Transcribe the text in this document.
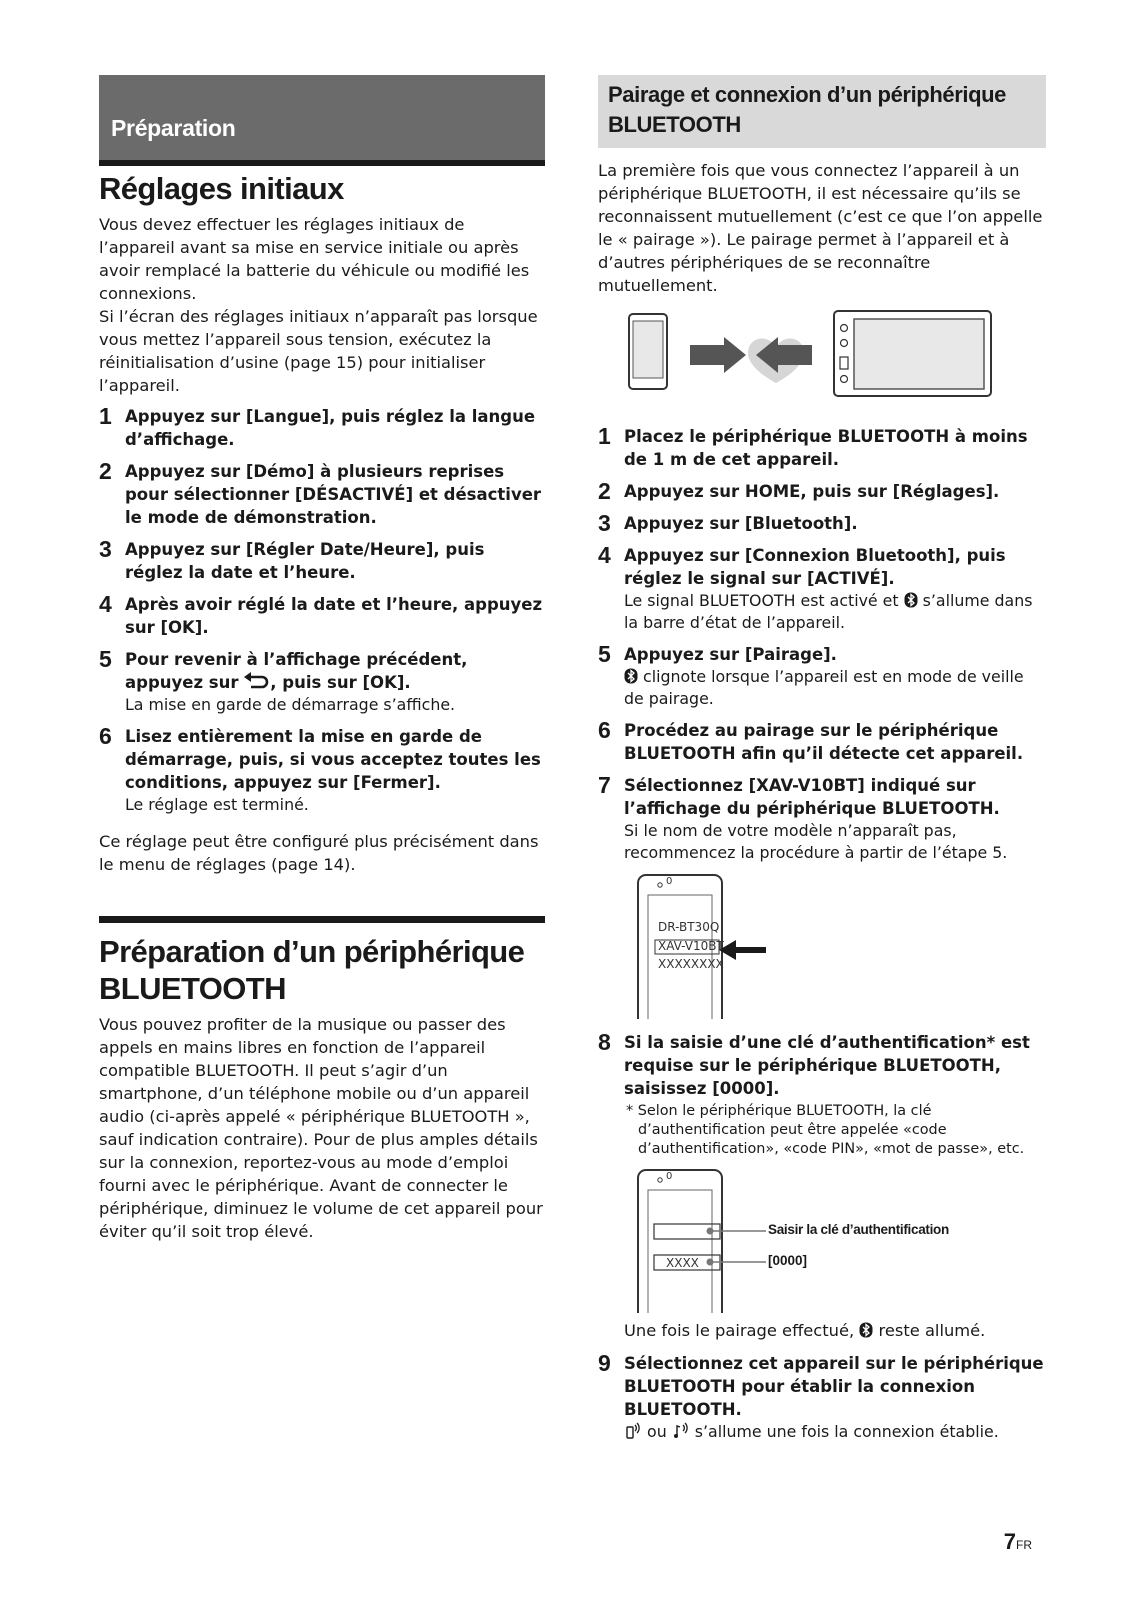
Préparation
Réglages initiaux

Vous devez effectuer les réglages initiaux de l’appareil avant sa mise en service initiale ou après avoir remplacé la batterie du véhicule ou modifié les connexions.

Si l’écran des réglages initiaux n’apparaît pas lorsque vous mettez l’appareil sous tension, exécutez la réinitialisation d’usine (page 15) pour initialiser l’appareil.

1 Appuyez sur [Langue], puis réglez la langue d’affichage.
2 Appuyez sur [Démo] à plusieurs reprises pour sélectionner [DÉSACTIVÉ] et désactiver le mode de démonstration.
3 Appuyez sur [Régler Date/Heure], puis réglez la date et l’heure.
4 Après avoir réglé la date et l’heure, appuyez sur [OK].
5 Pour revenir à l’affichage précédent, appuyez sur , puis sur [OK].
La mise en garde de démarrage s’affiche.
6 Lisez entièrement la mise en garde de démarrage, puis, si vous acceptez toutes les conditions, appuyez sur [Fermer].
Le réglage est terminé.

Ce réglage peut être configuré plus précisément dans le menu de réglages (page 14).

Préparation d’un périphérique BLUETOOTH

Vous pouvez profiter de la musique ou passer des appels en mains libres en fonction de l’appareil compatible BLUETOOTH. Il peut s’agir d’un smartphone, d’un téléphone mobile ou d’un appareil audio (ci-après appelé « périphérique BLUETOOTH », sauf indication contraire). Pour de plus amples détails sur la connexion, reportez-vous au mode d’emploi fourni avec le périphérique. Avant de connecter le périphérique, diminuez le volume de cet appareil pour éviter qu’il soit trop élevé.

Pairage et connexion d’un périphérique BLUETOOTH

La première fois que vous connectez l’appareil à un périphérique BLUETOOTH, il est nécessaire qu’ils se reconnaissent mutuellement (c’est ce que l’on appelle le « pairage »). Le pairage permet à l’appareil et à d’autres périphériques de se reconnaître mutuellement.

1 Placez le périphérique BLUETOOTH à moins de 1 m de cet appareil.
2 Appuyez sur HOME, puis sur [Réglages].
3 Appuyez sur [Bluetooth].
4 Appuyez sur [Connexion Bluetooth], puis réglez le signal sur [ACTIVÉ].
Le signal BLUETOOTH est activé et s’allume dans la barre d’état de l’appareil.
5 Appuyez sur [Pairage].
clignote lorsque l’appareil est en mode de veille de pairage.
6 Procédez au pairage sur le périphérique BLUETOOTH afin qu’il détecte cet appareil.
7 Sélectionnez [XAV-V10BT] indiqué sur l’affichage du périphérique BLUETOOTH.
Si le nom de votre modèle n’apparaît pas, recommencez la procédure à partir de l’étape 5.
0
DR-BT30Q
XAV-V10BT
XXXXXXXX
8 Si la saisie d’une clé d’authentification* est requise sur le périphérique BLUETOOTH, saisissez [0000].
* Selon le périphérique BLUETOOTH, la clé d’authentification peut être appelée «code d’authentification», «code PIN», «mot de passe», etc.
0
XXXX
Saisir la clé d’authentification
[0000]

Une fois le pairage effectué, reste allumé.

9 Sélectionnez cet appareil sur le périphérique BLUETOOTH pour établir la connexion BLUETOOTH.
ou s’allume une fois la connexion établie.
7FR
